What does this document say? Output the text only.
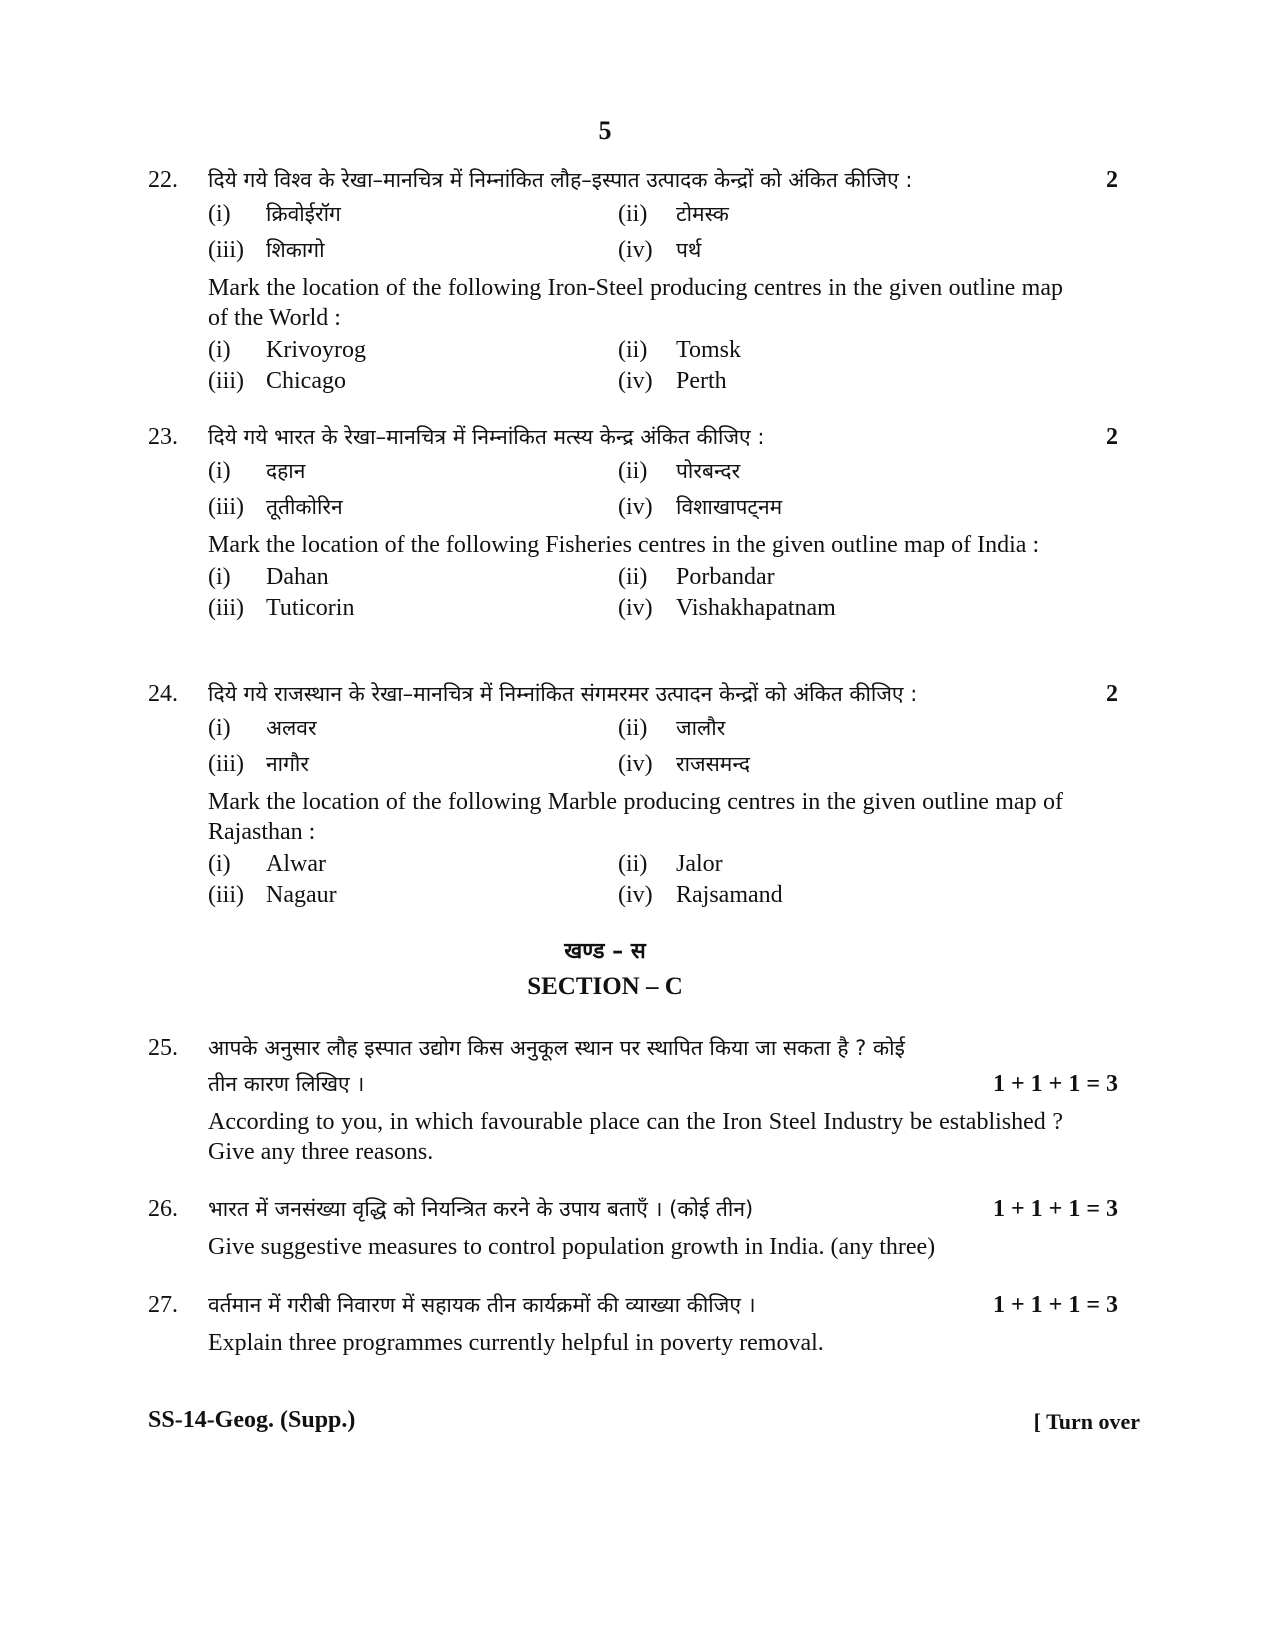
5
22. दिये गये विश्व के रेखा–मानचित्र में निम्नांकित लौह–इस्पात उत्पादक केन्द्रों को अंकित कीजिए :	2
(i) क्रिवोईरॉग	(ii) टोमस्क
(iii) शिकागो	(iv) पर्थ
Mark the location of the following Iron-Steel producing centres in the given outline map of the World :
(i) Krivoyrog	(ii) Tomsk
(iii) Chicago	(iv) Perth
23. दिये गये भारत के रेखा–मानचित्र में निम्नांकित मत्स्य केन्द्र अंकित कीजिए :	2
(i) दहान	(ii) पोरबन्दर
(iii) तूतीकोरिन	(iv) विशाखापट्नम
Mark the location of the following Fisheries centres in the given outline map of India :
(i) Dahan	(ii) Porbandar
(iii) Tuticorin	(iv) Vishakhapatnam
24. दिये गये राजस्थान के रेखा–मानचित्र में निम्नांकित संगमरमर उत्पादन केन्द्रों को अंकित कीजिए :	2
(i) अलवर	(ii) जालौर
(iii) नागौर	(iv) राजसमन्द
Mark the location of the following Marble producing centres in the given outline map of Rajasthan :
(i) Alwar	(ii) Jalor
(iii) Nagaur	(iv) Rajsamand
खण्ड – स
SECTION – C
25. आपके अनुसार लौह इस्पात उद्योग किस अनुकूल स्थान पर स्थापित किया जा सकता है ? कोई
तीन कारण लिखिए ।	1 + 1 + 1 = 3
According to you, in which favourable place can the Iron Steel Industry be established ? Give any three reasons.
26. भारत में जनसंख्या वृद्धि को नियन्त्रित करने के उपाय बताएँ । (कोई तीन)	1 + 1 + 1 = 3
Give suggestive measures to control population growth in India. (any three)
27. वर्तमान में गरीबी निवारण में सहायक तीन कार्यक्रमों की व्याख्या कीजिए ।	1 + 1 + 1 = 3
Explain three programmes currently helpful in poverty removal.
SS-14-Geog. (Supp.)	[ Turn over
